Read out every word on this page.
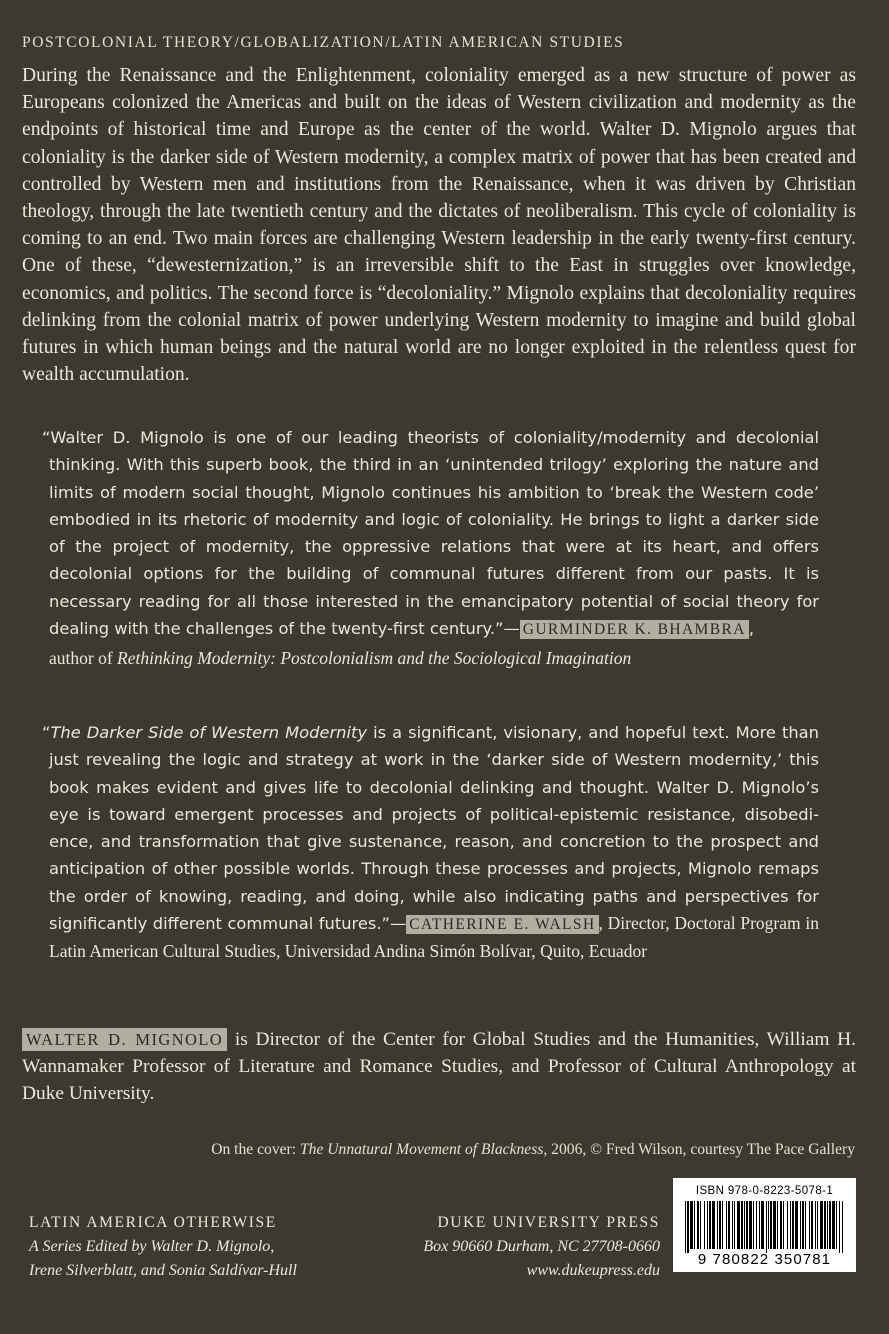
POSTCOLONIAL THEORY/GLOBALIZATION/LATIN AMERICAN STUDIES
During the Renaissance and the Enlightenment, coloniality emerged as a new structure of power as Europeans colonized the Americas and built on the ideas of Western civilization and modernity as the endpoints of historical time and Europe as the center of the world. Walter D. Mignolo argues that coloniality is the darker side of Western modernity, a complex matrix of power that has been created and controlled by Western men and institutions from the Renaissance, when it was driven by Christian theology, through the late twentieth century and the dictates of neoliberalism. This cycle of coloniality is coming to an end. Two main forces are challenging Western leadership in the early twenty-first century. One of these, “dewesternization,” is an irreversible shift to the East in struggles over knowledge, economics, and politics. The second force is “decoloniality.” Mignolo explains that decoloniality requires delinking from the colonial matrix of power underlying Western modernity to imagine and build global futures in which human beings and the natural world are no longer exploited in the relentless quest for wealth accumulation.

“Walter D. Mignolo is one of our leading theorists of coloniality/modernity and decolonial thinking. With this superb book, the third in an ‘unintended trilogy’ exploring the nature and limits of modern social thought, Mignolo continues his ambition to ‘break the Western code’ embodied in its rhetoric of modernity and logic of coloniality. He brings to light a darker side of the project of modernity, the oppressive relations that were at its heart, and offers decolonial options for the building of communal futures different from our pasts. It is necessary reading for all those interested in the emancipatory potential of social theory for dealing with the challenges of the twenty-first century.”— GURMINDER K. BHAMBRA ,
author of Rethinking Modernity: Postcolonialism and the Sociological Imagination

“The Darker Side of Western Modernity is a significant, visionary, and hopeful text. More than just revealing the logic and strategy at work in the ‘darker side of Western modernity,’ this book makes evident and gives life to decolonial delinking and thought. Walter D. Mignolo’s eye is toward emergent processes and projects of political-epistemic resistance, disobedience, and transformation that give sustenance, reason, and concretion to the prospect and anticipation of other possible worlds. Through these processes and projects, Mignolo remaps the order of knowing, reading, and doing, while also indicating paths and perspectives for significantly different communal futures.”— CATHERINE E. WALSH , Director, Doctoral Program in Latin American Cultural Studies, Universidad Andina Simón Bolívar, Quito, Ecuador

WALTER D. MIGNOLO is Director of the Center for Global Studies and the Humanities, William H. Wannamaker Professor of Literature and Romance Studies, and Professor of Cultural Anthropology at Duke University.
On the cover: The Unnatural Movement of Blackness, 2006, © Fred Wilson, courtesy The Pace Gallery
LATIN AMERICA OTHERWISE
A Series Edited by Walter D. Mignolo,
Irene Silverblatt, and Sonia Saldívar-Hull
DUKE UNIVERSITY PRESS
Box 90660 Durham, NC 27708-0660
www.dukeupress.edu
ISBN 978-0-8223-5078-1
9 780822 350781
